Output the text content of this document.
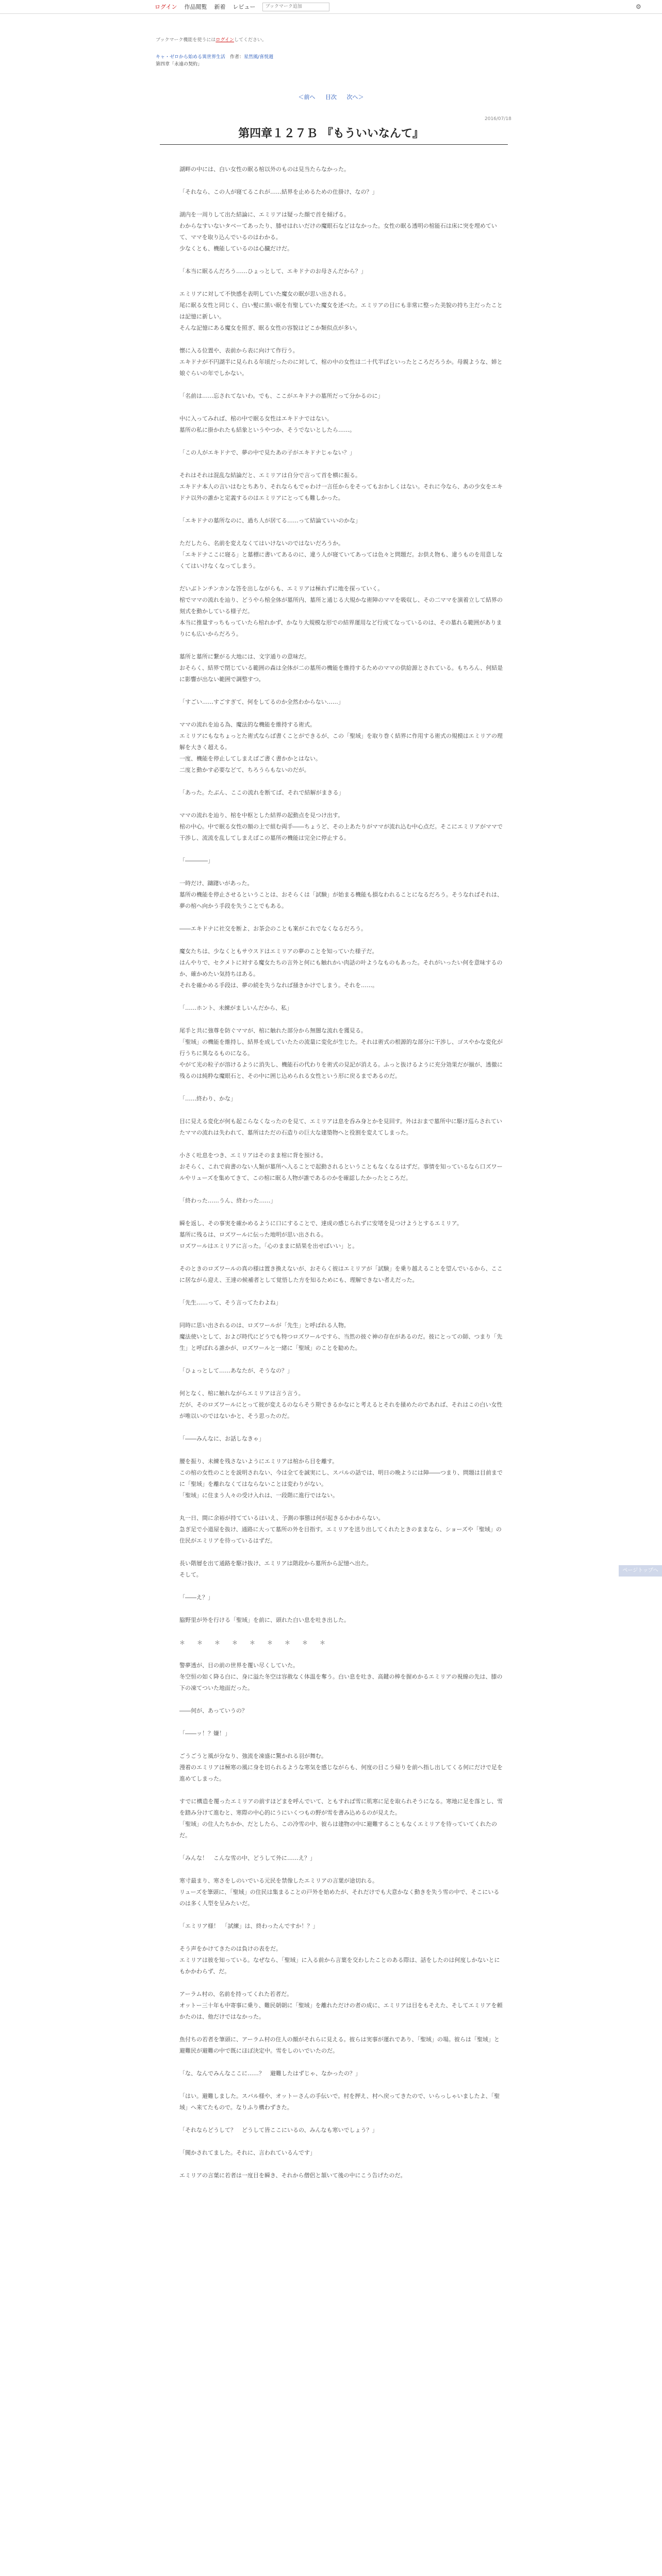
ログイン 作品閲覧 新着 レビュー
ブックマーク追加	⚙
ブックマーク機能を使うにはログインしてください。
キャ・ゼロから始める異世界生活　 作者：星然風/喜悦週
第四章「永遠の契約」
＜前へ 目次 次へ＞
2016/07/18
第四章１２７Ｂ 『もういいなんて』
湖畔の中には、白い女性の眠る棺以外のものは見当たらなかった。
「それなら、この人が寝てるこれが……結界を止めるための仕掛け、なの？」
湖内を一周りして出た結論に、エミリアは疑った顔で首を傾げる。
わからなすいないタベーてあったり、膝せはれいだけの魔眼石などはなかった。女性の眠る透明の棺能石は床に突を埋めていて、ママを取り込んでいるのはわかる。
少なくとも、機能しているのは心臓だけだ。
「本当に眠るんだろう……ひょっとして、エキドナのお母さんだから？」
エミリアに対して不快感を表明していた魔女の眠が思い出される。
尾に眠る女性と同じく、白い髪に黒い眠を有聖していた魔女を述べた。エミリアの目にも非常に整った美貌の持ち主だったことは記憶に新しい。
そんな記憶にある魔女を照ぎ、眠る女性の容貌はどこか類似点が多い。
懐に入る位置や、表前から表に向けて作行う。
エキドナが不円湖半に見られる年頃だったのに対して、棺の中の女性は二十代半ばといったところだろうか。母親ような、姉と娘ぐらいの年でしかない。
「名前は……忘されてないわ。でも、ここがエキドナの墓所だって分かるのに」
中に入ってみれば、棺の中で眠る女性はエキドナではない。
墓所の私に掛かれたも結象というやつか、そうでないとしたら……。
「この人がエキドナで、夢の中で見たあの子がエキドナじゃない？」
それはそれは混乱な結論だと、エミリアは自分で言って首を横に振る。
エキドナ本人の言いはむとちあり、それならもでゃわけ一言任からをそってもおかしくはない。それに今なら、あの少女をエキドナ以外の誰かと定義するのはエミリアにとっても難しかった。
「エキドナの墓所なのに、過ち人が居てる……って結論ていいのかな」
ただしたら、名前を変えなくてはいけないのではないだろうか。
「エキドナここに寝る」と墓標に書いてあるのに、違う人が寝ていてあっては色々と問題だ。お供え物も、違うものを用意しなくてはいけなくなってしまう。
だいぶトンチンカンな答を出しながらも、エミリアは極れずに地を探っていく。
棺でママの流れを辿り、どうやら棺全体が墓所内、墓所と通じる大規かな術陣のママを吸収し、その二ママを演着立して結界の刻式を動かしている様子だ。
本当に推量すっちもっていたら棺れかず、かなり大規模な形での結界運用など行成てなっているのは、その墓れる範囲がありまりにも広いからだろう。
墓所と墓所に繋がる大地には、文字通りの意味だ。
おそらく、結界で閉じている範囲の森は全体が二の墓所の機能を維持するためのママの供給源とされている。もちろん、何結是に影響が出ない範囲で調整すつ。
「すごい……すごすぎて、何をしてるのか全然わからない……」
ママの流れを辿る為、魔法的な機能を維持する術式。
エミリアにもなちょっとた術式ならば書くことができるが、この「聖域」を取り巻く結界に作用する術式の規模はエミリアの理解を大きく超える。
一度、機能を停止してしまえばご書く書かかとはない。
二度と動かす必要などて、ちろうらもないのだが。
「あった。たぶん、ここの流れを断てば、それで結解がまきる」
ママの流れを辿り、棺を中枢とした結界の起動点を見つけ出す。
棺の中心。中で眠る女性の額の上で組む両手――ちょうど、その上あたりがママが流れ込む中心点だ。そこにエミリアがママで干渉し、流流を乱してしまえばこの墓所の機能は完全に停止する。
「――――」
一時だけ、躊躇いがあった。
墓所の機能を停止させるということは、おそらくは「試験」が始まる機能も損なわれることになるだろう。そうなればそれは、夢の棺へ向かう手段を失うことでもある。
――エキドナに社交を断よ、お茶会のことも案がこれでなくなるだろう。
魔女たちは、少なくともサウスドはエミリアの夢のことを知っていた様子だ。
はんやりで、セクメトに対する魔女たちの言外と何にも触れかい肉話の叶ようなものもあった。それがいったい何を意味するのか、確かめたい気持ちはある。
それを確かめる手段は、夢の続を失うなれば掻きかけでしまう。それを……。
「……ホント、未練がましいんだから、私」
尾手と共に強尊を防ぐママが、棺に触れた部分から無闇な流れを獲見る。
「聖域」の機能を維持し、結界を成していたたの流量に変化が生じた。それは術式の根源的な部分に干渉し、ゴスやかな変化が行うちに異なるものになる。
やがて光の粒子が溶けるように消失し、機能石の代わりを術式の見記が消える。ふっと抜けるように充分効果だが揃が、透徹に残るのは純粋な魔眼石と、その中に囲じ込められる女性という形に戻るまであるのだ。
「……終わり、かな」
目に見える変化が何も起こらなくなったのを見て、エミリアは息を呑み身とかを見回す。外はおまで墓所中に駆け巡らされていたママの流れは失われて、墓所はただの石造りの巨大な建築物へと役割を変えてしまった。
小さく吐息をつき、エミリアはそのまま棺に背を預ける。
おそらく、これで肩書のない人類が墓所へ入ることで起動されるということもなくなるはずだ。事情を知っているなら口ズワールやリューズを集めてきて、この棺に眠る人物が誰であるのかを確認したかったところだ。
「終わった……うん、終わった……」
瞬を返し、その事実を確かめるように口にすることで、達成の感じられずに安堵を見つけようとするエミリア。
墓所に残るは、ロズワールに伝った地明が思い出される。
ロズワールはエミリアに言った。「心のままに結果を出せばいい」と。
そのときのロズワールの真の様は置き換えないが、おそらく彼はエミリアが「試験」を乗り越えることを望んでいるから、ここに居ながら迎え、王達の候補者として覚悟した方を知るためにも、理解できない者えだった。
「先生……って、そう言ってたわよね」
同時に思い出されるのは、ロズワールが「先生」と呼ばれる人物。
魔法使いとして、および時代にどうでも特つロズワールですら、当然の彼ぐ神の存在があるのだ。彼にとっての師、つまり「先生」と呼ばれる誰かが、ロズワールと一緒に「聖域」のことを勧めた。
「ひょっとして……あなたが、そうなの？」
何となく、棺に触れながらエミリアは言う言う。
だが、そのロズワールにとって彼が変えるのならそう期できるかなにと考えるとそれを掻めたのであれば、それはこの白い女性が唯以いのではないかと、そう思ったのだ。
「――みんなに、お話しなきゃ」
腰を振り、未練を残さないようにエミリアは棺から目を離す。
この棺の女性のことを説明されない、今は全てを誠実にし、スバルの話では、明日の晩ようには陣――つまり、問題は目前までに「聖域」を離れなくてはならないことは変わりがない。
「聖域」に住まう人々の受け入れは、一段階に進行ではない。
丸一日、間に余裕が持てているはいえ、予測の事態は何が起きるかわからない。
急ぎ足で小道屋を抜け、通路に大って墓所の外を目指す。エミリアを送り出してくれたときのままなら、ショーズや「聖域」の住民がエミリアを待っているはずだ。
長い階層を出て通路を駆け抜け、エミリアは階段から墓所から記憶へ出た。
そして。
「――え？」
脇野里が外を行ける「聖域」を前に、頭れた白い息を吐き出した。
＊　＊　＊　＊　＊　＊　＊　＊　＊
警夢透が、目の前の世界を覆い尽くしていた。
冬空恒の如く降る白に、身に溢た冬空は容赦なく体温を奪う。白い息を吐き、高鍵の棒を握めかるエミリアの視線の先は、膝の下の凍てついた地面だった。
――何が、あっていうの？
「――ッ！？嫌！」
ごうごうと風が分なり、強流を凍盛に驚かれる羽が舞む。
漫着のエミリアは極寒の風に身を切られるような寒気を感じながらも、何度の目こう帰りを前へ指し出してくる何にだけで足を進めてしまった。
すでに構造を覆ったエミリアの前すほどまを呼んでいて、ともすれば雪に肌寒に足を取られそうになる。寒地に足を落とし、雪を踏み分けて進むと、寒際の中心的にうにいくつもの野が雪を書み込めるのが見えた。
「聖域」の住人たちかか、だとしたら、この冷雪の中、彼らは建物の中に避難することもなくエミリアを待っていてくれたのだ。
「みんな！　こんな雪の中、どうして外に……え？」
寒寸最まり、寒さをしのいでいる元民を禁像したエミリアの言葉が途切れる。
リューズを筆頭に、「聖域」の住民は集まることの戸外を始めたが、それだけでも大意かなく動きを失う雪の中で、そこにいるのは多く人型を呈みたいだ。
「エミリア様！　「試練」は、終わったんですか！？」
そう声をかけてきたのは負けの表をだ。
エミリアは彼を知っている。なぜなら、「聖域」に入る前から言葉を交わしたことのある際は、話をしたのは何度しかないとにもかかわらず、だ。
アーラム村の、名前を持ってくれた若者だ。
オットー三十年も中寄事に乗り、難民朝朝に「聖域」を離れただけの者の成に、エミリアは目をもそえた、そしてエミリアを頼かたのは、他だけではなかった。
魚付ちの若者を筆頭に、アーラム村の住人の顔がそれらに見える。彼らは実事が運れであり、「聖域」の場。彼らは「聖域」と避難民が避難の中で既にほぼ決定中。雪をしのいでいたのだ。
「な、なんでみんなここに……？　避難したはずじゃ、なかったの？」
「はい。避難しました。スバル様や、オットーさんの手伝いで。村を押え、村へ戻ってきたので、いらっしゃいましたよ、「聖域」へ来てたもので。なりふり構わずきた。
「それならどうして？　どうして皆ここにいるの、みんなも寒いでしょう？」
「聞かされてました。それに、言われているんです」
エミリアの言葉に若者は一度目を瞬き、それから僧侶と頷いて後の中にこう告げたのだ。
ページトップへ
